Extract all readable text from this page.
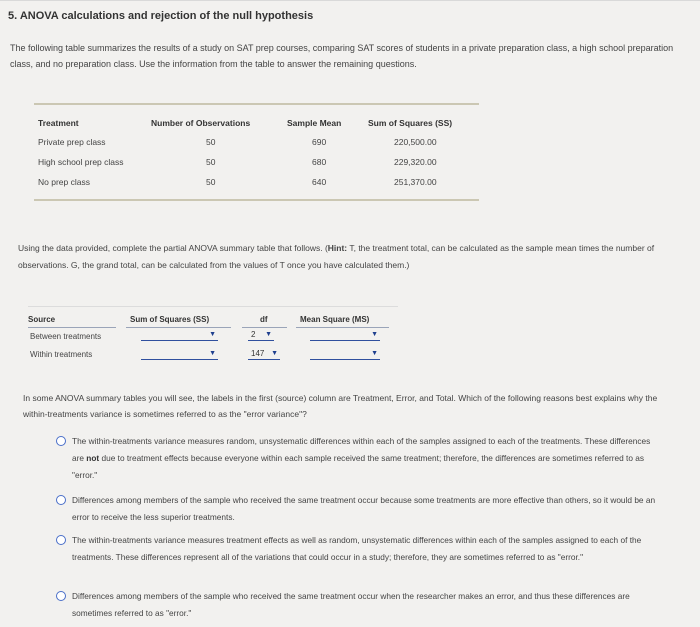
5. ANOVA calculations and rejection of the null hypothesis
The following table summarizes the results of a study on SAT prep courses, comparing SAT scores of students in a private preparation class, a high school preparation class, and no preparation class. Use the information from the table to answer the remaining questions.
Treatment	Number of Observations	Sample Mean	Sum of Squares (SS)
Private prep class	50	690	220,500.00
High school prep class	50	680	229,320.00
No prep class	50	640	251,370.00
Using the data provided, complete the partial ANOVA summary table that follows. (Hint: T, the treatment total, can be calculated as the sample mean times the number of observations. G, the grand total, can be calculated from the values of T once you have calculated them.)
Source	Sum of Squares (SS)	df	Mean Square (MS)
Between treatments	▼	2 ▼	▼
Within treatments	▼	147 ▼	▼
In some ANOVA summary tables you will see, the labels in the first (source) column are Treatment, Error, and Total. Which of the following reasons best explains why the within-treatments variance is sometimes referred to as the "error variance"?
The within-treatments variance measures random, unsystematic differences within each of the samples assigned to each of the treatments. These differences are not due to treatment effects because everyone within each sample received the same treatment; therefore, the differences are sometimes referred to as "error."
Differences among members of the sample who received the same treatment occur because some treatments are more effective than others, so it would be an error to receive the less superior treatments.
The within-treatments variance measures treatment effects as well as random, unsystematic differences within each of the samples assigned to each of the treatments. These differences represent all of the variations that could occur in a study; therefore, they are sometimes referred to as "error."
Differences among members of the sample who received the same treatment occur when the researcher makes an error, and thus these differences are sometimes referred to as "error."
